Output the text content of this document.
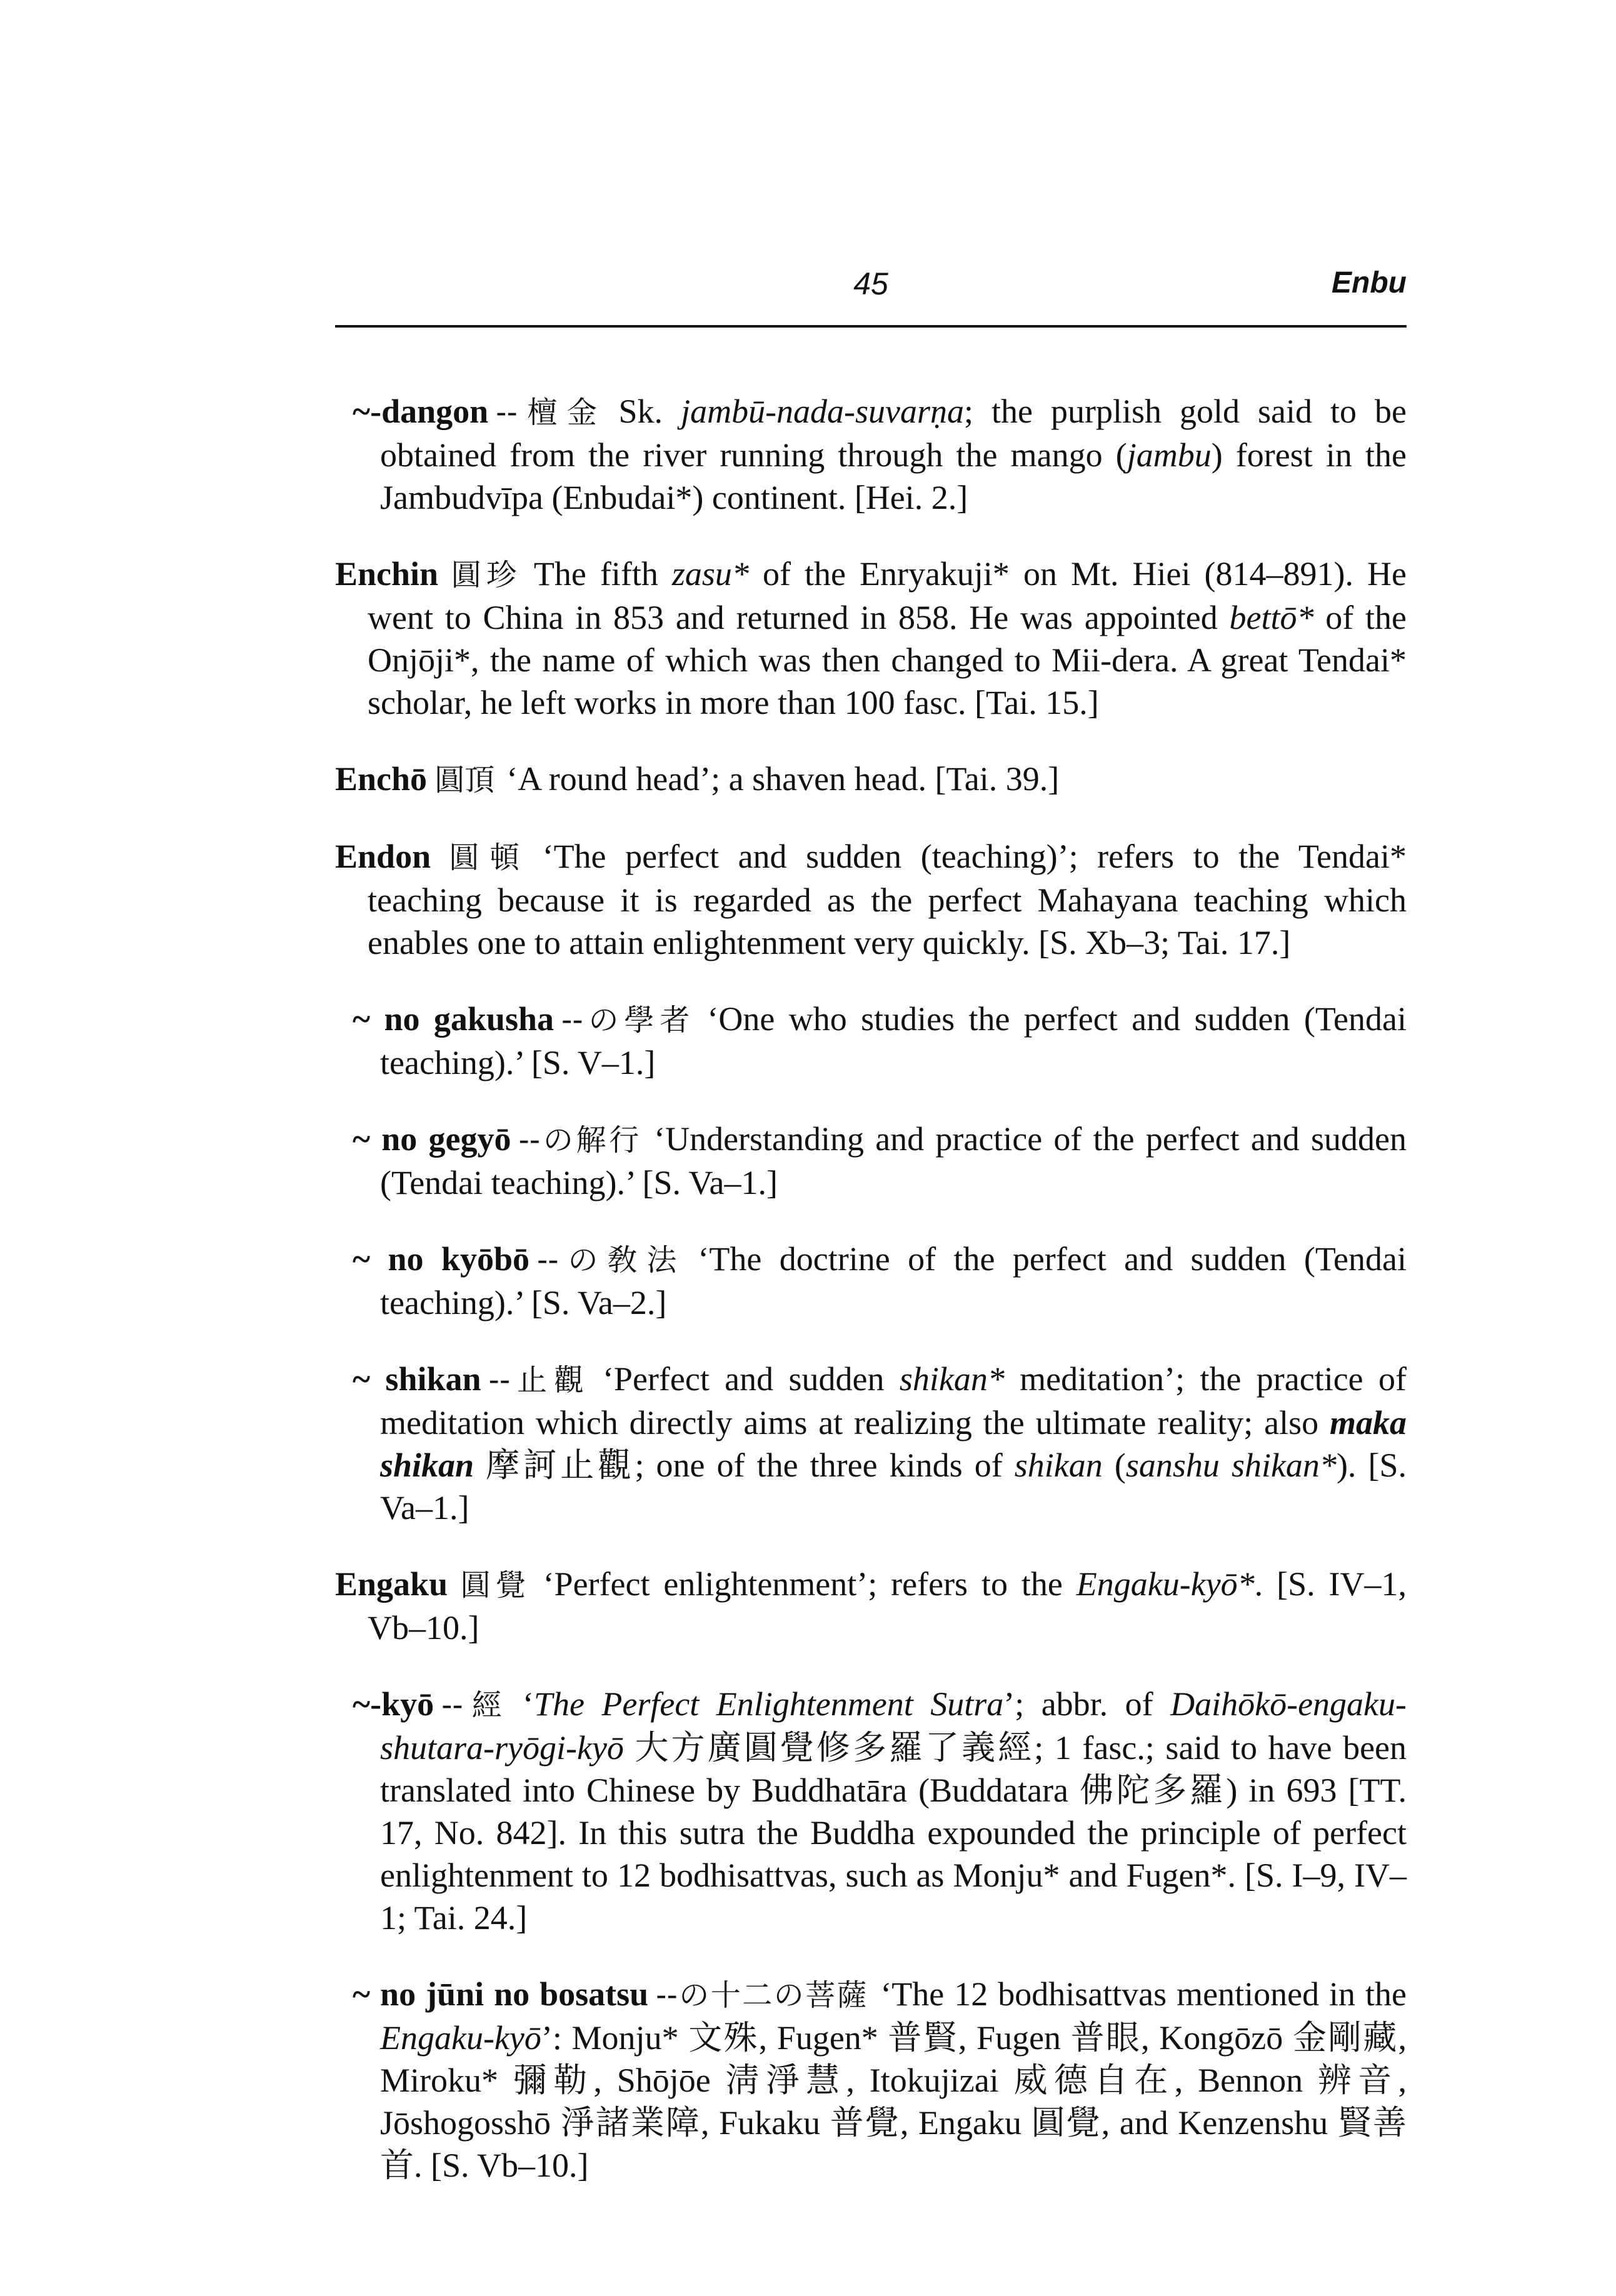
45	Enbu

~-dangon --檀金 Sk. jambū-nada-suvarṇa; the purplish gold said to be obtained from the river running through the mango (jambu) forest in the Jambudvīpa (Enbudai*) continent. [Hei. 2.]

Enchin 圓珍 The fifth zasu* of the Enryakuji* on Mt. Hiei (814–891). He went to China in 853 and returned in 858. He was appointed bettō* of the Onjōji*, the name of which was then changed to Mii-dera. A great Tendai* scholar, he left works in more than 100 fasc. [Tai. 15.]

Enchō 圓頂 ‘A round head’; a shaven head. [Tai. 39.]

Endon 圓頓 ‘The perfect and sudden (teaching)’; refers to the Tendai* teaching because it is regarded as the perfect Mahayana teaching which enables one to attain enlightenment very quickly. [S. Xb–3; Tai. 17.]

~ no gakusha --の學者 ‘One who studies the perfect and sudden (Tendai teaching).’ [S. V–1.]

~ no gegyō --の解行 ‘Understanding and practice of the perfect and sudden (Tendai teaching).’ [S. Va–1.]

~ no kyōbō --の敎法 ‘The doctrine of the perfect and sudden (Tendai teaching).’ [S. Va–2.]

~ shikan --止觀 ‘Perfect and sudden shikan* meditation’; the practice of meditation which directly aims at realizing the ultimate reality; also maka shikan 摩訶止觀; one of the three kinds of shikan (sanshu shikan*). [S. Va–1.]

Engaku 圓覺 ‘Perfect enlightenment’; refers to the Engaku-kyō*. [S. IV–1, Vb–10.]

~-kyō --經 ‘The Perfect Enlightenment Sutra’; abbr. of Daihōkō-engaku-shutara-ryōgi-kyō 大方廣圓覺修多羅了義經; 1 fasc.; said to have been translated into Chinese by Buddhatāra (Buddatara 佛陀多羅) in 693 [TT. 17, No. 842]. In this sutra the Buddha expounded the principle of perfect enlightenment to 12 bodhisattvas, such as Monju* and Fugen*. [S. I–9, IV–1; Tai. 24.]

~ no jūni no bosatsu --の十二の菩薩 ‘The 12 bodhisattvas mentioned in the Engaku-kyō’: Monju* 文殊, Fugen* 普賢, Fugen 普眼, Kongōzō 金剛藏, Miroku* 彌勒, Shōjōe 淸淨慧, Itokujizai 威德自在, Bennon 辨音, Jōshogosshō 淨諸業障, Fukaku 普覺, Engaku 圓覺, and Kenzenshu 賢善首. [S. Vb–10.]
